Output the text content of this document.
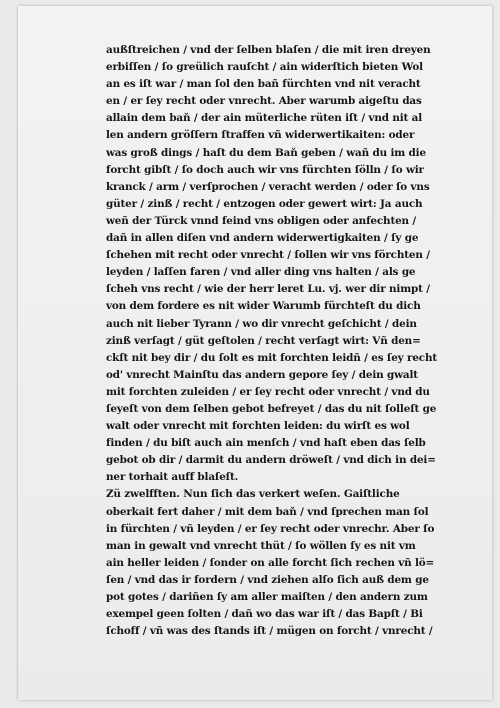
außſtreichen / vnd der ſelben blaſen / die mit iren dreyen
erbiſſen / ſo greülich rauſcht / ain widerſtich bieten Wol
an es iſt war / man ſol den bañ fürchten vnd nit veracht
en / er ſey recht oder vnrecht. Aber warumb aigeſtu das
allain dem baň / der ain müterliche rüten iſt / vnd nit al
len andern gröſſern ſtraffen vñ widerwertikaiten: oder
was groß dings / haſt du dem Baň geben / wañ du im die
forcht gibſt / ſo doch auch wir vns fürchten ſölln / ſo wir
kranck / arm / verſprochen / veracht werden / oder ſo vns
güter / zinß / recht / entzogen oder gewert wirt: Ja auch
weñ der Türck vnnd feind vns obligen oder anfechten /
dañ in allen diſen vnd andern widerwertigkaiten / ſy ge
ſchehen mit recht oder vnrecht / ſollen wir vns förchten /
leyden / laſſen faren / vnd aller ding vns halten / als ge
ſcheh vns recht / wie der herr leret Lu. vj. wer dir nimpt /
von dem fordere es nit wider Warumb fürchteſt du dich
auch nit lieber Tyrann / wo dir vnrecht geſchicht / dein
zinß verſagt / güt geſtolen / recht verſagt wirt: Vñ den=
ckſt nit bey dir / du ſolt es mit forchten leidñ / es ſey recht
od' vnrecht Mainſtu das andern gepore ſey / dein gwalt
mit forchten zuleiden / er ſey recht oder vnrecht / vnd du
ſeyeſt von dem ſelben gebot befreyet / das du nit ſolleſt ge
walt oder vnrecht mit forchten leiden: du wirſt es wol
finden / du biſt auch ain menſch / vnd haſt eben das ſelb
gebot ob dir / darmit du andern dröweſt / vnd dich in dei=
ner torhait auff blaſeſt.
Zü zwelfften. Nun ſich das verkert weſen. Gaiſtliche
oberkait fert daher / mit dem baň / vnd ſprechen man ſol
in fürchten / vñ leyden / er ſey recht oder vnrechr. Aber ſo
man in gewalt vnd vnrecht thüt / ſo wöllen ſy es nit vm
ain heller leiden / ſonder on alle forcht ſich rechen vñ lö=
ſen / vnd das ir fordern / vnd ziehen alſo ſich auß dem ge
pot gotes / dariñen ſy am aller maiſten / den andern zum
exempel geen ſolten / dañ wo das war iſt / das Bapſt / Bi
ſchoff / vñ was des ſtands iſt / mügen on forcht / vnrecht /
